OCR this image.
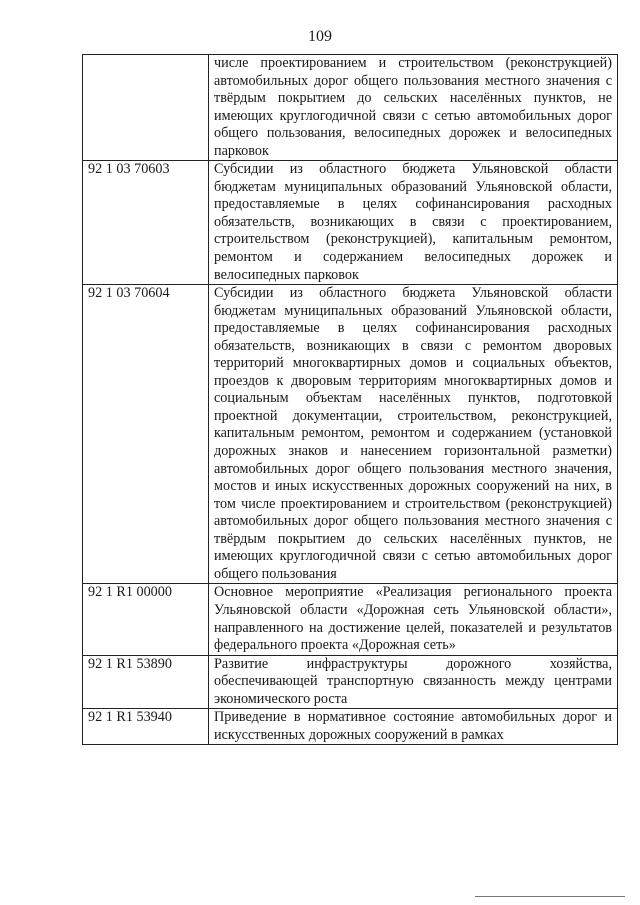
109
	числе проектированием и строительством (реконструкцией) автомобильных дорог общего пользования местного значения с твёрдым покрытием до сельских населённых пунктов, не имеющих круглогодичной связи с сетью автомобильных дорог общего пользования, велосипедных дорожек и велосипедных парковок
92 1 03 70603	Субсидии из областного бюджета Ульяновской области бюджетам муниципальных образований Ульяновской области, предоставляемые в целях софинансирования расходных обязательств, возникающих в связи с проектированием, строительством (реконструкцией), капитальным ремонтом, ремонтом и содержанием велосипедных дорожек и велосипедных парковок
92 1 03 70604	Субсидии из областного бюджета Ульяновской области бюджетам муниципальных образований Ульяновской области, предоставляемые в целях софинансирования расходных обязательств, возникающих в связи с ремонтом дворовых территорий многоквартирных домов и социальных объектов, проездов к дворовым территориям многоквартирных домов и социальным объектам населённых пунктов, подготовкой проектной документации, строительством, реконструкцией, капитальным ремонтом, ремонтом и содержанием (установкой дорожных знаков и нанесением горизонтальной разметки) автомобильных дорог общего пользования местного значения, мостов и иных искусственных дорожных сооружений на них, в том числе проектированием и строительством (реконструкцией) автомобильных дорог общего пользования местного значения с твёрдым покрытием до сельских населённых пунктов, не имеющих круглогодичной связи с сетью автомобильных дорог общего пользования
92 1 R1 00000	Основное мероприятие «Реализация регионального проекта Ульяновской области «Дорожная сеть Ульяновской области», направленного на достижение целей, показателей и результатов федерального проекта «Дорожная сеть»
92 1 R1 53890	Развитие инфраструктуры дорожного хозяйства, обеспечивающей транспортную связанность между центрами экономического роста
92 1 R1 53940	Приведение в нормативное состояние автомобильных дорог и искусственных дорожных сооружений в рамках
